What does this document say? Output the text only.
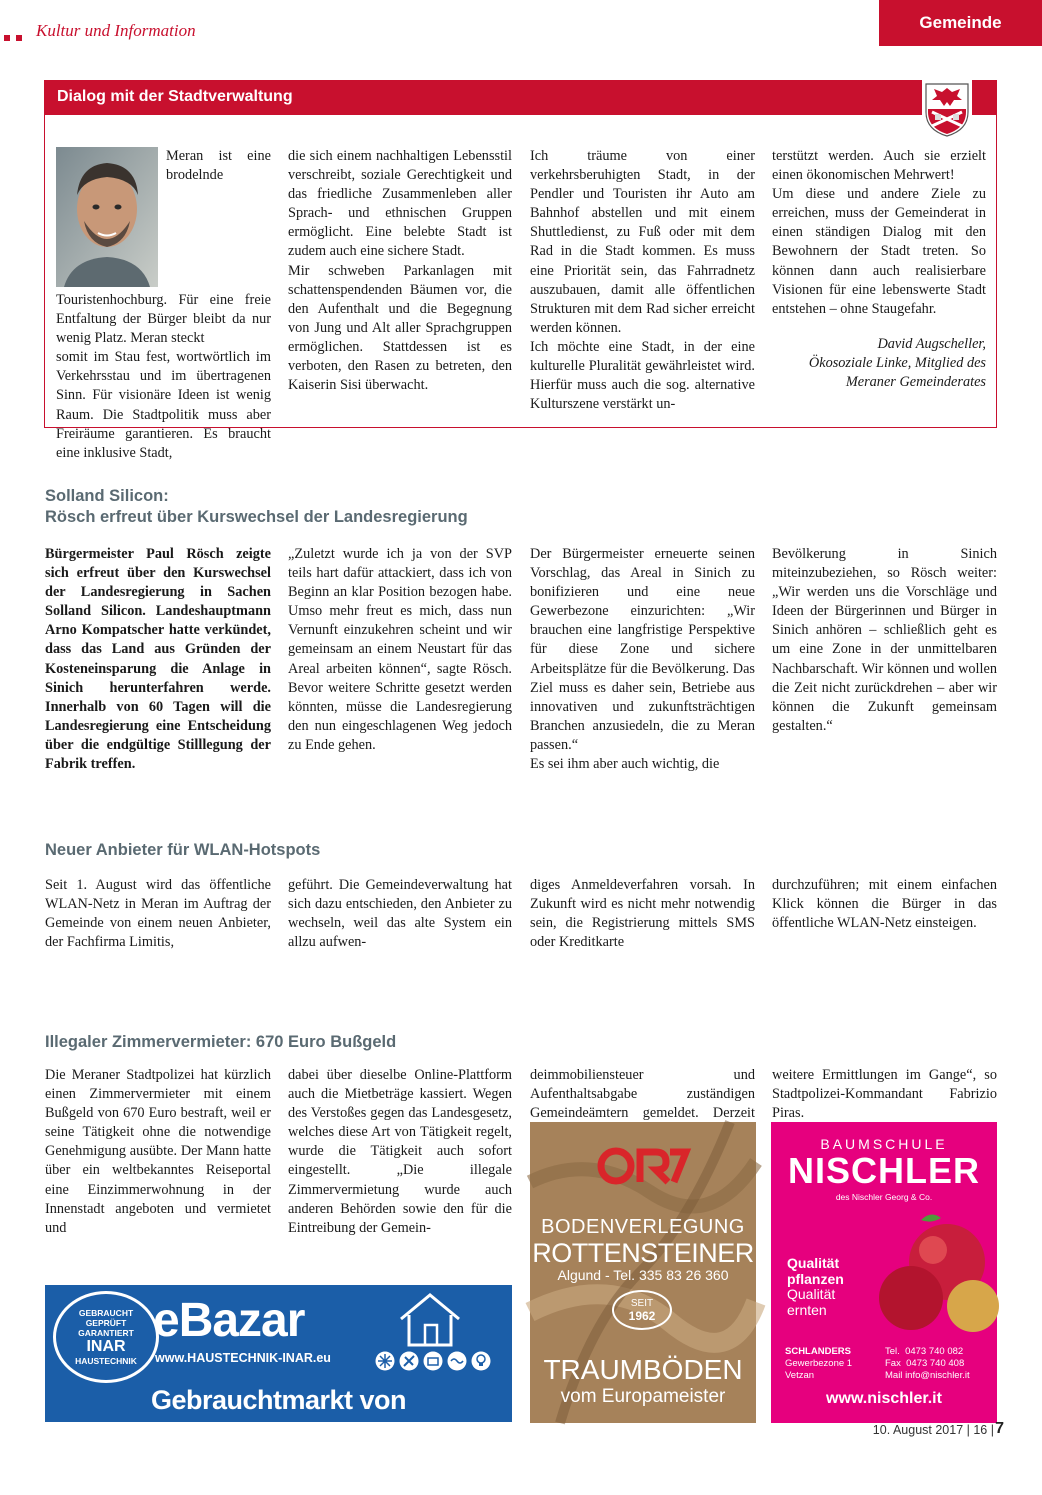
Kultur und Information	Gemeinde
Dialog mit der Stadtverwaltung

Meran ist eine brodelnde Touristenhochburg. Für eine freie Entfaltung der Bürger bleibt da nur wenig Platz. Meran steckt

somit im Stau fest, wortwörtlich im Verkehrsstau und im übertragenen Sinn. Für visionäre Ideen ist wenig Raum. Die Stadtpolitik muss aber Freiräume garantieren. Es braucht eine inklusive Stadt,

die sich einem nachhaltigen Lebensstil verschreibt, soziale Gerechtigkeit und das friedliche Zusammenleben aller Sprach- und ethnischen Gruppen ermöglicht. Eine belebte Stadt ist zudem auch eine sichere Stadt.

Mir schweben Parkanlagen mit schattenspendenden Bäumen vor, die den Aufenthalt und die Begegnung von Jung und Alt aller Sprachgruppen ermöglichen. Stattdessen ist es verboten, den Rasen zu betreten, den Kaiserin Sisi überwacht.

Ich träume von einer verkehrsberuhigten Stadt, in der Pendler und Touristen ihr Auto am Bahnhof abstellen und mit einem Shuttledienst, zu Fuß oder mit dem Rad in die Stadt kommen. Es muss eine Priorität sein, das Fahrradnetz auszubauen, damit alle öffentlichen Strukturen mit dem Rad sicher erreicht werden können.

Ich möchte eine Stadt, in der eine kulturelle Pluralität gewährleistet wird. Hierfür muss auch die sog. alternative Kulturszene verstärkt un-

terstützt werden. Auch sie erzielt einen ökonomischen Mehrwert!

Um diese und andere Ziele zu erreichen, muss der Gemeinderat in einen ständigen Dialog mit den Bewohnern der Stadt treten. So können dann auch realisierbare Visionen für eine lebenswerte Stadt entstehen – ohne Staugefahr.

David Augscheller,
Ökosoziale Linke, Mitglied des Meraner Gemeinderates
Solland Silicon:
Rösch erfreut über Kurswechsel der Landesregierung
Bürgermeister Paul Rösch zeigte sich erfreut über den Kurswechsel der Landesregierung in Sachen Solland Silicon. Landeshauptmann Arno Kompatscher hatte verkündet, dass das Land aus Gründen der Kosteneinsparung die Anlage in Sinich herunterfahren werde. Innerhalb von 60 Tagen will die Landesregierung eine Entscheidung über die endgültige Stilllegung der Fabrik treffen.
„Zuletzt wurde ich ja von der SVP teils hart dafür attackiert, dass ich von Beginn an klar Position bezogen habe. Umso mehr freut es mich, dass nun Vernunft einzukehren scheint und wir gemeinsam an einem Neustart für das Areal arbeiten können“, sagte Rösch. Bevor weitere Schritte gesetzt werden könnten, müsse die Landesregierung den nun eingeschlagenen Weg jedoch zu Ende gehen.

Der Bürgermeister erneuerte seinen Vorschlag, das Areal in Sinich zu bonifizieren und eine neue Gewerbezone einzurichten: „Wir brauchen eine langfristige Perspektive für diese Zone und sichere Arbeitsplätze für die Bevölkerung. Das Ziel muss es daher sein, Betriebe aus innovativen und zukunftsträchtigen Branchen anzusiedeln, die zu Meran passen.“

Es sei ihm aber auch wichtig, die

Bevölkerung in Sinich miteinzubeziehen, so Rösch weiter: „Wir werden uns die Vorschläge und Ideen der Bürgerinnen und Bürger in Sinich anhören – schließlich geht es um eine Zone in der unmittelbaren Nachbarschaft. Wir können und wollen die Zeit nicht zurückdrehen – aber wir können die Zukunft gemeinsam gestalten.“
Neuer Anbieter für WLAN-Hotspots
Seit 1. August wird das öffentliche WLAN-Netz in Meran im Auftrag der Gemeinde von einem neuen Anbieter, der Fachfirma Limitis,
geführt. Die Gemeindeverwaltung hat sich dazu entschieden, den Anbieter zu wechseln, weil das alte System ein allzu aufwen-
diges Anmeldeverfahren vorsah. In Zukunft wird es nicht mehr notwendig sein, die Registrierung mittels SMS oder Kreditkarte
durchzuführen; mit einem einfachen Klick können die Bürger in das öffentliche WLAN-Netz einsteigen.
Illegaler Zimmervermieter: 670 Euro Bußgeld
Die Meraner Stadtpolizei hat kürzlich einen Zimmervermieter mit einem Bußgeld von 670 Euro bestraft, weil er seine Tätigkeit ohne die notwendige Genehmigung ausübte. Der Mann hatte über ein weltbekanntes Reiseportal eine Einzimmerwohnung in der Innenstadt angeboten und vermietet und
dabei über dieselbe Online-Plattform auch die Mietbeträge kassiert. Wegen des Verstoßes gegen das Landesgesetz, welches diese Art von Tätigkeit regelt, wurde die Tätigkeit auch sofort eingestellt. „Die illegale Zimmervermietung wurde auch anderen Behörden sowie den für die Eintreibung der Gemein-
deimmobiliensteuer und Aufenthaltsabgabe zuständigen Gemeindeämtern gemeldet. Derzeit
weitere Ermittlungen im Gange“, so Stadtpolizei-Kommandant Fabrizio Piras.
GEBRAUCHT
GEPRÜFT
GARANTIERT
INAR
HAUSTECHNIK
eBazar
www.HAUSTECHNIK-INAR.eu
Gebrauchtmarkt von Haushaltsgeräten
BODENVERLEGUNG
ROTTENSTEINER
Algund - Tel. 335 83 26 360
SEIT
1962
TRAUMBÖDEN
vom Europameister
BAUMSCHULE
NISCHLER
des Nischler Georg & Co.
Qualität
pflanzen
Qualität
ernten
SCHLANDERS
Gewerbezone 1
Vetzan
Tel. 0473 740 082
Fax 0473 740 408
Mail info@nischler.it
www.nischler.it
10. August 2017 | 16 | 7
